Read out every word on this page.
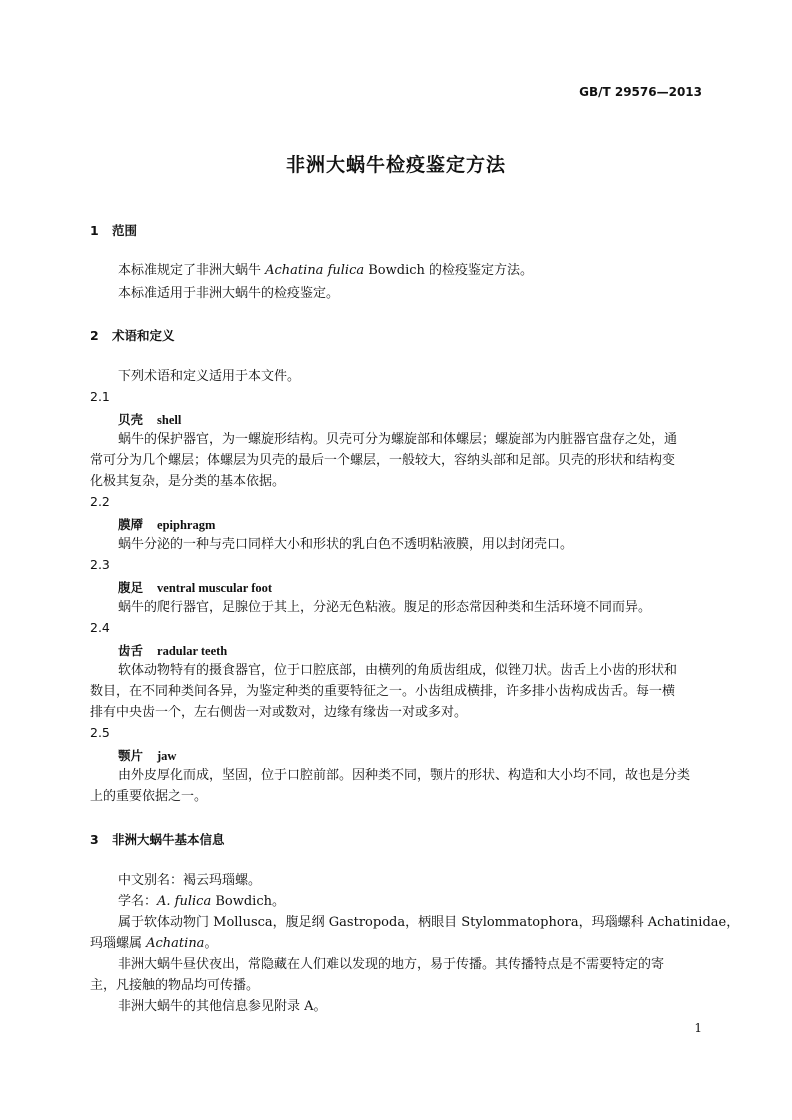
GB/T 29576—2013
非洲大蜗牛检疫鉴定方法
1 范围
本标准规定了非洲大蜗牛 Achatina fulica Bowdich 的检疫鉴定方法。
本标准适用于非洲大蜗牛的检疫鉴定。
2 术语和定义
下列术语和定义适用于本文件。
2.1
贝壳 shell
蜗牛的保护器官，为一螺旋形结构。贝壳可分为螺旋部和体螺层；螺旋部为内脏器官盘存之处，通
常可分为几个螺层；体螺层为贝壳的最后一个螺层，一般较大，容纳头部和足部。贝壳的形状和结构变
化极其复杂，是分类的基本依据。
2.2
膜厣 epiphragm
蜗牛分泌的一种与壳口同样大小和形状的乳白色不透明粘液膜，用以封闭壳口。
2.3
腹足 ventral muscular foot
蜗牛的爬行器官，足腺位于其上，分泌无色粘液。腹足的形态常因种类和生活环境不同而异。
2.4
齿舌 radular teeth
软体动物特有的摄食器官，位于口腔底部，由横列的角质齿组成，似锉刀状。齿舌上小齿的形状和
数目，在不同种类间各异，为鉴定种类的重要特征之一。小齿组成横排，许多排小齿构成齿舌。每一横
排有中央齿一个，左右侧齿一对或数对，边缘有缘齿一对或多对。
2.5
颚片 jaw
由外皮厚化而成，坚固，位于口腔前部。因种类不同，颚片的形状、构造和大小均不同，故也是分类
上的重要依据之一。
3 非洲大蜗牛基本信息
中文别名：褐云玛瑙螺。
学名：A. fulica Bowdich。
属于软体动物门 Mollusca，腹足纲 Gastropoda，柄眼目 Stylommatophora，玛瑙螺科 Achatinidae，
玛瑙螺属 Achatina。
非洲大蜗牛昼伏夜出，常隐藏在人们难以发现的地方，易于传播。其传播特点是不需要特定的寄
主，凡接触的物品均可传播。
非洲大蜗牛的其他信息参见附录 A。
1
